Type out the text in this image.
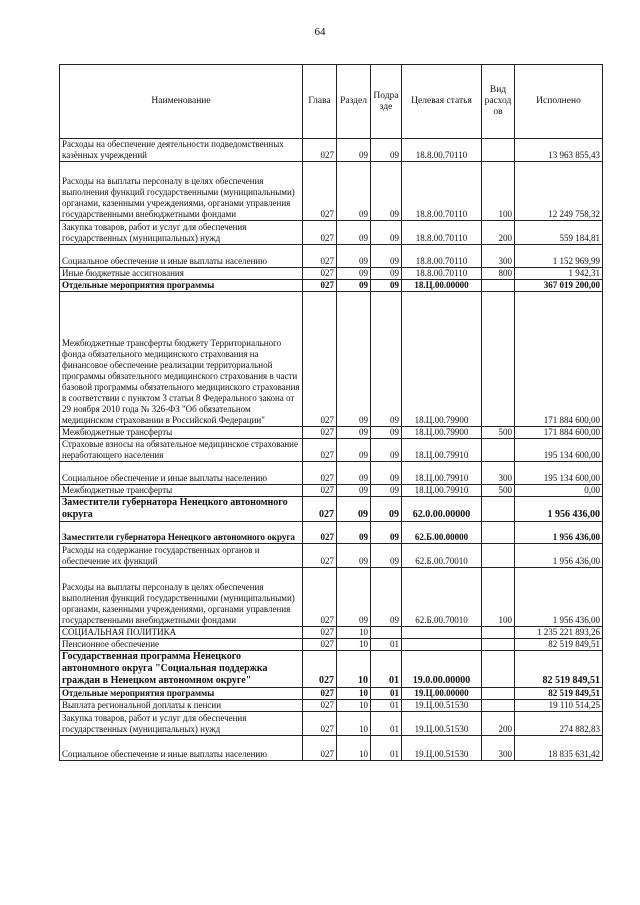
64
Наименование	Глава	Раздел	Подра зде	Целевая статья	Вид расход ов	Исполнено
Расходы на обеспечение деятельности подведомственных казённых учреждений	027	09	09	18.8.00.70110		13 963 855,43
Расходы на выплаты персоналу в целях обеспечения выполнения функций государственными (муниципальными) органами, казенными учреждениями, органами управления государственными внебюджетными фондами	027	09	09	18.8.00.70110	100	12 249 758,32
Закупка товаров, работ и услуг для обеспечения государственных (муниципальных) нужд	027	09	09	18.8.00.70110	200	559 184,81
Социальное обеспечение и иные выплаты населению	027	09	09	18.8.00.70110	300	1 152 969,99
Иные бюджетные ассигнования	027	09	09	18.8.00.70110	800	1 942,31
Отдельные мероприятия программы	027	09	09	18.Ц.00.00000		367 019 200,00
Межбюджетные трансферты бюджету Территориального фонда обязательного медицинского страхования на финансовое обеспечение реализации территориальной программы обязательного медицинского страхования в части базовой программы обязательного медицинского страхования в соответствии с пунктом 3 статьи 8 Федерального закона от 29 ноября 2010 года № 326-ФЗ "Об обязательном медицинском страховании в Российской Федерации"	027	09	09	18.Ц.00.79900		171 884 600,00
Межбюджетные трансферты	027	09	09	18.Ц.00.79900	500	171 884 600,00
Страховые взносы на обязательное медицинское страхование неработающего населения	027	09	09	18.Ц.00.79910		195 134 600,00
Социальное обеспечение и иные выплаты населению	027	09	09	18.Ц.00.79910	300	195 134 600,00
Межбюджетные трансферты	027	09	09	18.Ц.00.79910	500	0,00
Заместители губернатора Ненецкого автономного округа	027	09	09	62.0.00.00000		1 956 436,00
Заместители губернатора Ненецкого автономного округа	027	09	09	62.Б.00.00000		1 956 436,00
Расходы на содержание государственных органов и обеспечение их функций	027	09	09	62.Б.00.70010		1 956 436,00
Расходы на выплаты персоналу в целях обеспечения выполнения функций государственными (муниципальными) органами, казенными учреждениями, органами управления государственными внебюджетными фондами	027	09	09	62.Б.00.70010	100	1 956 436,00
СОЦИАЛЬНАЯ ПОЛИТИКА	027	10				1 235 221 893,26
Пенсионное обеспечение	027	10	01			82 519 849,51
Государственная программа Ненецкого автономного округа "Социальная поддержка граждан в Ненецком автономном округе"	027	10	01	19.0.00.00000		82 519 849,51
Отдельные мероприятия программы	027	10	01	19.Ц.00.00000		82 519 849,51
Выплата региональной доплаты к пенсии	027	10	01	19.Ц.00.51530		19 110 514,25
Закупка товаров, работ и услуг для обеспечения государственных (муниципальных) нужд	027	10	01	19.Ц.00.51530	200	274 882,83
Социальное обеспечение и иные выплаты населению	027	10	01	19.Ц.00.51530	300	18 835 631,42
